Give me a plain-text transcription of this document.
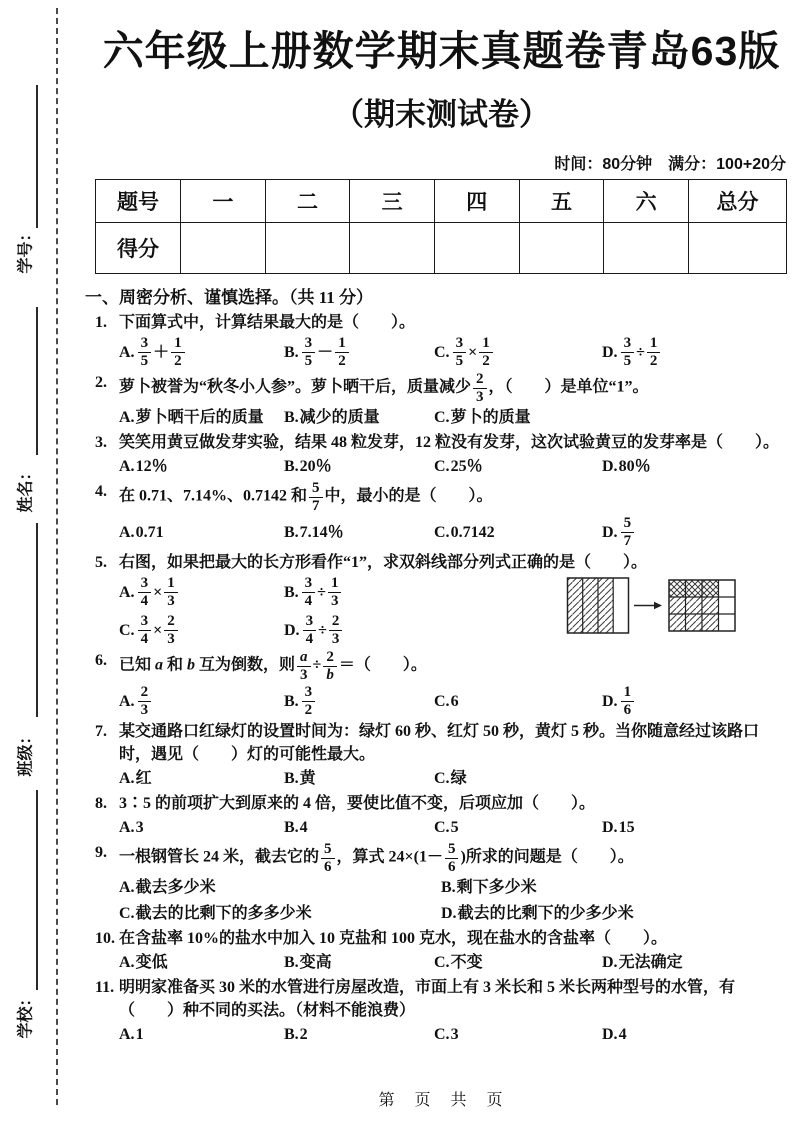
学号：
姓名：
班级：
学校：
六年级上册数学期末真题卷青岛63版
（期末测试卷）
时间：80分钟　满分：100+20分
题号	一	二	三	四	五	六	总分
得分							
一、周密分析、谨慎选择。（共 11 分）
1. 下面算式中，计算结果最大的是（　　）。
A. $\frac{3}{5} + \frac{1}{2}$	B. $\frac{3}{5} - \frac{1}{2}$	C. $\frac{3}{5} \times \frac{1}{2}$	D. $\frac{3}{5} \div \frac{1}{2}$
2. 萝卜被誉为“秋冬小人参”。萝卜晒干后，质量减少 $\frac{2}{3}$ ，（　　）是单位“1”。
A. 萝卜晒干后的质量 B. 减少的质量	C. 萝卜的质量
3. 笑笑用黄豆做发芽实验，结果 48 粒发芽，12 粒没有发芽，这次试验黄豆的发芽率是（　　）。
A. 12％	B. 20％	C. 25％	D. 80％
4. 在 0.71、7.14%、0.7142 和 $\frac{5}{7}$ 中，最小的是（　　）。
A. 0.71	B. 7.14％	C. 0.7142	D. $\frac{5}{7}$
5. 右图，如果把最大的长方形看作“1”，求双斜线部分列式正确的是（　　）。
A. $\frac{3}{4} \times \frac{1}{3}$	B. $\frac{3}{4} \div \frac{1}{3}$
C. $\frac{3}{4} \times \frac{2}{3}$	D. $\frac{3}{4} \div \frac{2}{3}$
6. 已知 a 和 b 互为倒数，则 $\frac{a}{3} \div \frac{2}{b}$ ＝（　　）。
A. $\frac{2}{3}$	B. $\frac{3}{2}$	C. 6	D. $\frac{1}{6}$
7. 某交通路口红绿灯的设置时间为：绿灯 60 秒、红灯 50 秒，黄灯 5 秒。当你随意经过该路口时，遇见（　　）灯的可能性最大。
A. 红	B. 黄	C. 绿
8. 3∶5 的前项扩大到原来的 4 倍，要使比值不变，后项应加（　　）。
A. 3	B. 4	C. 5	D. 15
9. 一根钢管长 24 米，截去它的 $\frac{5}{6}$ ，算式 $24\times(1- \frac{5}{6}$ )所求的问题是（　　）。
A. 截去多少米	B. 剩下多少米
C. 截去的比剩下的多多少米	D. 截去的比剩下的少多少米
10. 在含盐率 10%的盐水中加入 10 克盐和 100 克水，现在盐水的含盐率（　　）。
A. 变低	B. 变高	C. 不变	D. 无法确定
11. 明明家准备买 30 米的水管进行房屋改造，市面上有 3 米长和 5 米长两种型号的水管，有（　　）种不同的买法。（材料不能浪费）
A. 1	B. 2	C. 3	D. 4
第　页　共　页
